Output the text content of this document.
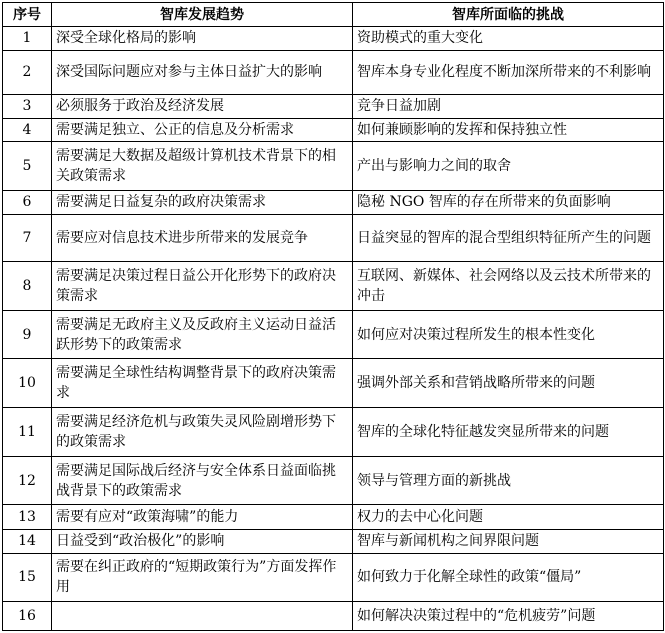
序号	智库发展趋势	智库所面临的挑战
1	深受全球化格局的影响	资助模式的重大变化
2	深受国际问题应对参与主体日益扩大的影响	智库本身专业化程度不断加深所带来的不利影响
3	必须服务于政治及经济发展	竞争日益加剧
4	需要满足独立、公正的信息及分析需求	如何兼顾影响的发挥和保持独立性
5	需要满足大数据及超级计算机技术背景下的相关政策需求	产出与影响力之间的取舍
6	需要满足日益复杂的政府决策需求	隐秘 NGO 智库的存在所带来的负面影响
7	需要应对信息技术进步所带来的发展竞争	日益突显的智库的混合型组织特征所产生的问题
8	需要满足决策过程日益公开化形势下的政府决策需求	互联网、新媒体、社会网络以及云技术所带来的冲击
9	需要满足无政府主义及反政府主义运动日益活跃形势下的政策需求	如何应对决策过程所发生的根本性变化
10	需要满足全球性结构调整背景下的政府决策需求	强调外部关系和营销战略所带来的问题
11	需要满足经济危机与政策失灵风险剧增形势下的政策需求	智库的全球化特征越发突显所带来的问题
12	需要满足国际战后经济与安全体系日益面临挑战背景下的政策需求	领导与管理方面的新挑战
13	需要有应对“政策海啸”的能力	权力的去中心化问题
14	日益受到“政治极化”的影响	智库与新闻机构之间界限问题
15	需要在纠正政府的“短期政策行为”方面发挥作用	如何致力于化解全球性的政策“僵局”
16		如何解决决策过程中的“危机疲劳”问题
